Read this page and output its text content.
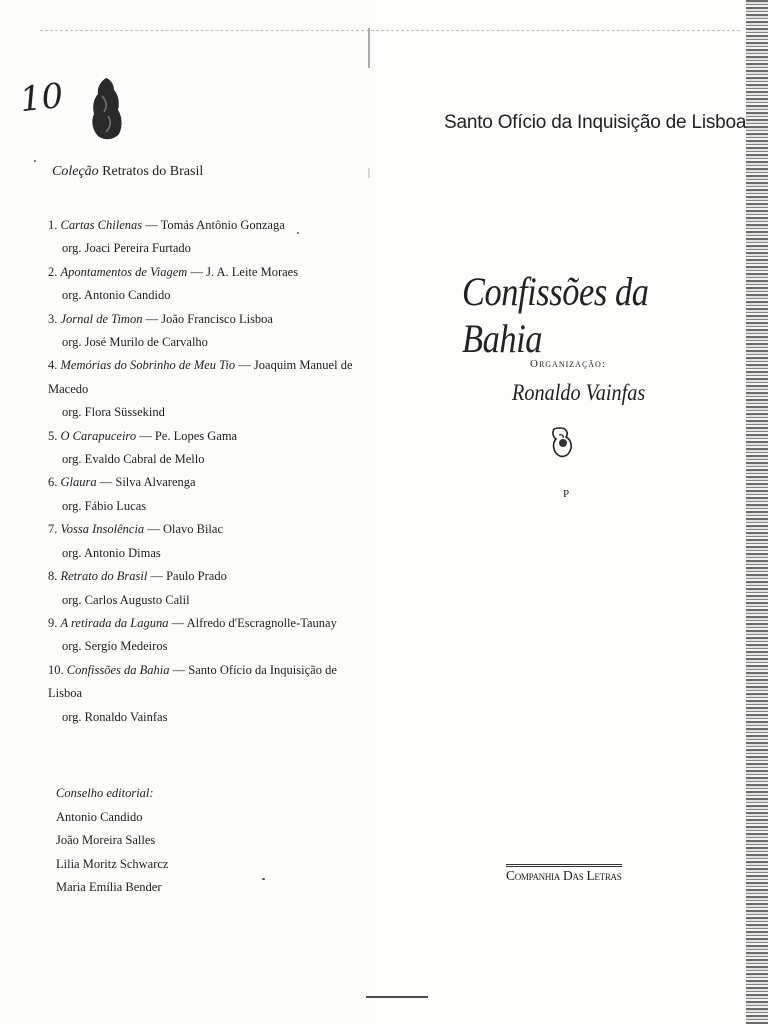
10
Coleção Retratos do Brasil
1. Cartas Chilenas — Tomás Antônio Gonzaga
org. Joaci Pereira Furtado
2. Apontamentos de Viagem — J. A. Leite Moraes
org. Antonio Candido
3. Jornal de Timon — João Francisco Lisboa
org. José Murilo de Carvalho
4. Memórias do Sobrinho de Meu Tio — Joaquim Manuel de Macedo
org. Flora Süssekind
5. O Carapuceiro — Pe. Lopes Gama
org. Evaldo Cabral de Mello
6. Glaura — Silva Alvarenga
org. Fábio Lucas
7. Vossa Insolência — Olavo Bilac
org. Antonio Dimas
8. Retrato do Brasil — Paulo Prado
org. Carlos Augusto Calil
9. A retirada da Laguna — Alfredo d'Escragnolle-Taunay
org. Sergio Medeiros
10. Confissões da Bahia — Santo Ofício da Inquisição de Lisboa
org. Ronaldo Vainfas
Conselho editorial:
Antonio Candido
João Moreira Salles
Lilia Moritz Schwarcz
Maria Emília Bender
Santo Ofício da Inquisição de Lisboa
Confissões da Bahia
Organização:
Ronaldo Vainfas
P
Companhia Das Letras
